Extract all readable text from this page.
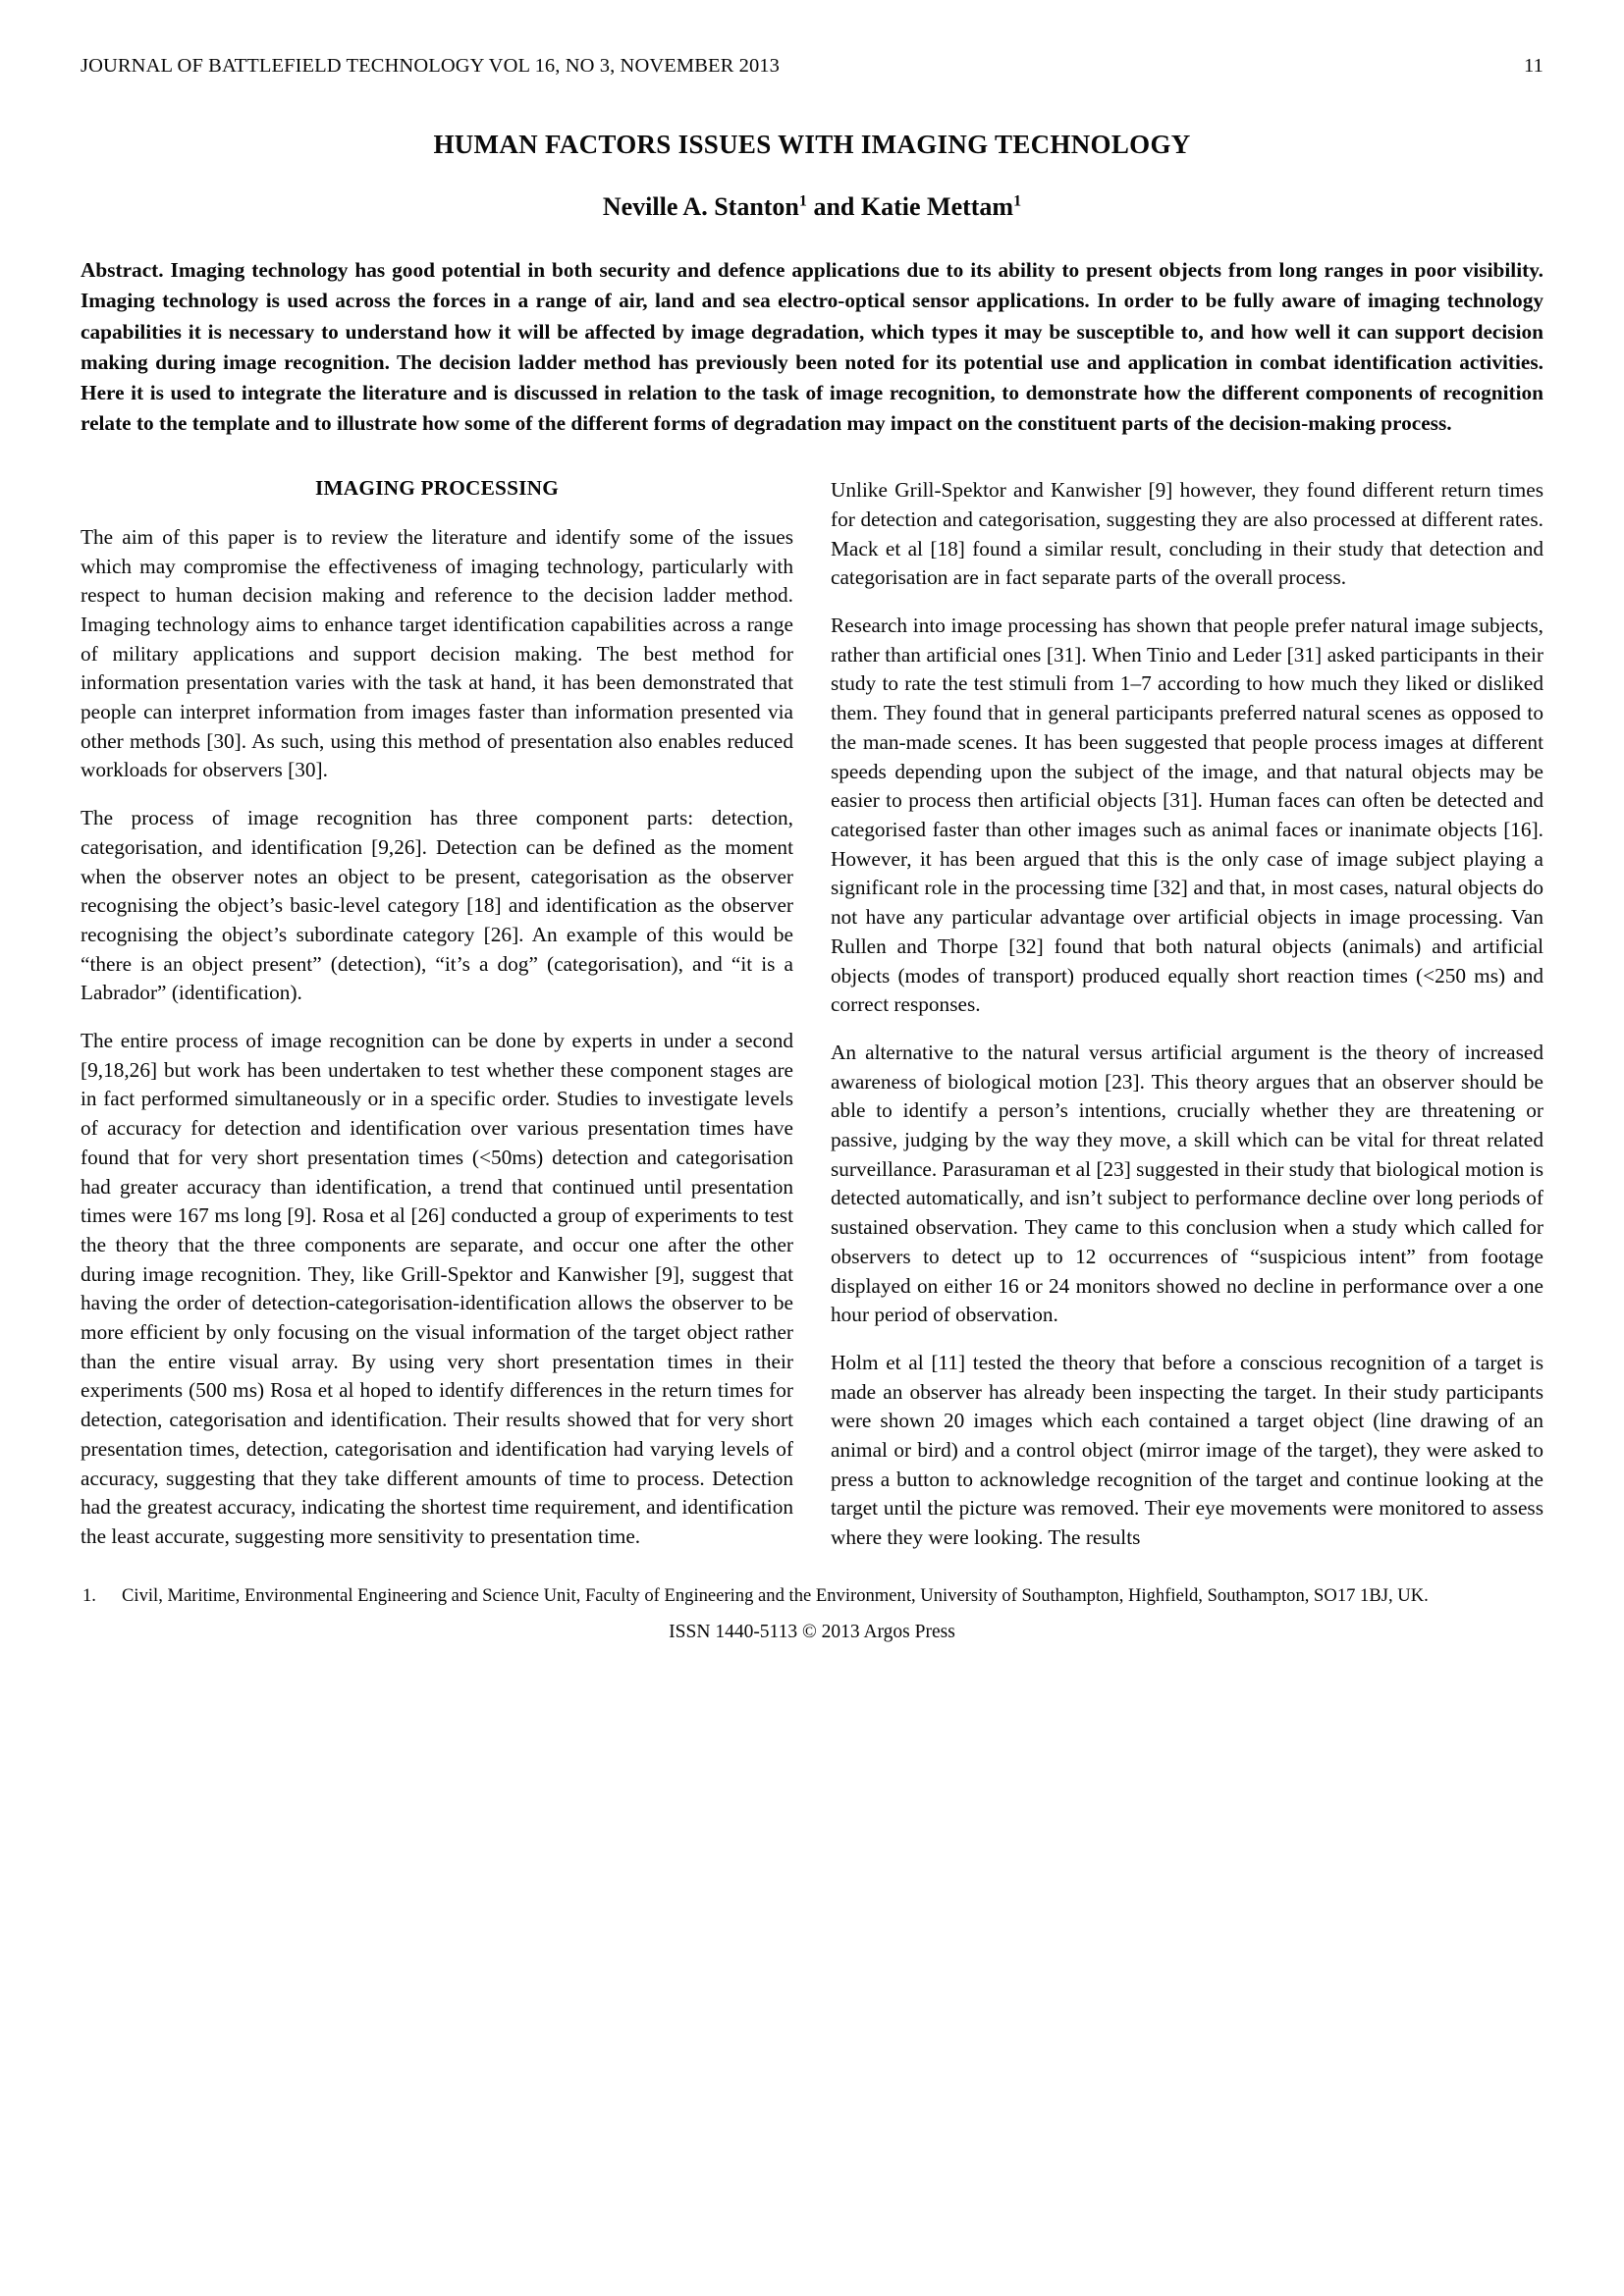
JOURNAL OF BATTLEFIELD TECHNOLOGY VOL 16, NO 3, NOVEMBER 2013	11
HUMAN FACTORS ISSUES WITH IMAGING TECHNOLOGY
Neville A. Stanton$^1$ and Katie Mettam$^1$
Abstract. Imaging technology has good potential in both security and defence applications due to its ability to present objects from long ranges in poor visibility. Imaging technology is used across the forces in a range of air, land and sea electro-optical sensor applications. In order to be fully aware of imaging technology capabilities it is necessary to understand how it will be affected by image degradation, which types it may be susceptible to, and how well it can support decision making during image recognition. The decision ladder method has previously been noted for its potential use and application in combat identification activities. Here it is used to integrate the literature and is discussed in relation to the task of image recognition, to demonstrate how the different components of recognition relate to the template and to illustrate how some of the different forms of degradation may impact on the constituent parts of the decision-making process.
IMAGING PROCESSING

The aim of this paper is to review the literature and identify some of the issues which may compromise the effectiveness of imaging technology, particularly with respect to human decision making and reference to the decision ladder method. Imaging technology aims to enhance target identification capabilities across a range of military applications and support decision making. The best method for information presentation varies with the task at hand, it has been demonstrated that people can interpret information from images faster than information presented via other methods [30]. As such, using this method of presentation also enables reduced workloads for observers [30].

The process of image recognition has three component parts: detection, categorisation, and identification [9,26]. Detection can be defined as the moment when the observer notes an object to be present, categorisation as the observer recognising the object’s basic-level category [18] and identification as the observer recognising the object’s subordinate category [26]. An example of this would be “there is an object present” (detection), “it’s a dog” (categorisation), and “it is a Labrador” (identification).

The entire process of image recognition can be done by experts in under a second [9,18,26] but work has been undertaken to test whether these component stages are in fact performed simultaneously or in a specific order. Studies to investigate levels of accuracy for detection and identification over various presentation times have found that for very short presentation times (<50ms) detection and categorisation had greater accuracy than identification, a trend that continued until presentation times were 167 ms long [9]. Rosa et al [26] conducted a group of experiments to test the theory that the three components are separate, and occur one after the other during image recognition. They, like Grill-Spektor and Kanwisher [9], suggest that having the order of detection-categorisation-identification allows the observer to be more efficient by only focusing on the visual information of the target object rather than the entire visual array. By using very short presentation times in their experiments (500 ms) Rosa et al hoped to identify differences in the return times for detection, categorisation and identification. Their results showed that for very short presentation times, detection, categorisation and identification had varying levels of accuracy, suggesting that they take different amounts of time to process. Detection had the greatest accuracy, indicating the shortest time requirement, and identification the least accurate, suggesting more sensitivity to presentation time.

Unlike Grill-Spektor and Kanwisher [9] however, they found different return times for detection and categorisation, suggesting they are also processed at different rates. Mack et al [18] found a similar result, concluding in their study that detection and categorisation are in fact separate parts of the overall process.

Research into image processing has shown that people prefer natural image subjects, rather than artificial ones [31]. When Tinio and Leder [31] asked participants in their study to rate the test stimuli from 1–7 according to how much they liked or disliked them. They found that in general participants preferred natural scenes as opposed to the man-made scenes. It has been suggested that people process images at different speeds depending upon the subject of the image, and that natural objects may be easier to process then artificial objects [31]. Human faces can often be detected and categorised faster than other images such as animal faces or inanimate objects [16]. However, it has been argued that this is the only case of image subject playing a significant role in the processing time [32] and that, in most cases, natural objects do not have any particular advantage over artificial objects in image processing. Van Rullen and Thorpe [32] found that both natural objects (animals) and artificial objects (modes of transport) produced equally short reaction times (<250 ms) and correct responses.

An alternative to the natural versus artificial argument is the theory of increased awareness of biological motion [23]. This theory argues that an observer should be able to identify a person’s intentions, crucially whether they are threatening or passive, judging by the way they move, a skill which can be vital for threat related surveillance. Parasuraman et al [23] suggested in their study that biological motion is detected automatically, and isn’t subject to performance decline over long periods of sustained observation. They came to this conclusion when a study which called for observers to detect up to 12 occurrences of “suspicious intent” from footage displayed on either 16 or 24 monitors showed no decline in performance over a one hour period of observation.

Holm et al [11] tested the theory that before a conscious recognition of a target is made an observer has already been inspecting the target. In their study participants were shown 20 images which each contained a target object (line drawing of an animal or bird) and a control object (mirror image of the target), they were asked to press a button to acknowledge recognition of the target and continue looking at the target until the picture was removed. Their eye movements were monitored to assess where they were looking. The results

1.	Civil, Maritime, Environmental Engineering and Science Unit, Faculty of Engineering and the Environment, University of Southampton, Highfield, Southampton, SO17 1BJ, UK.
ISSN 1440-5113 © 2013 Argos Press
